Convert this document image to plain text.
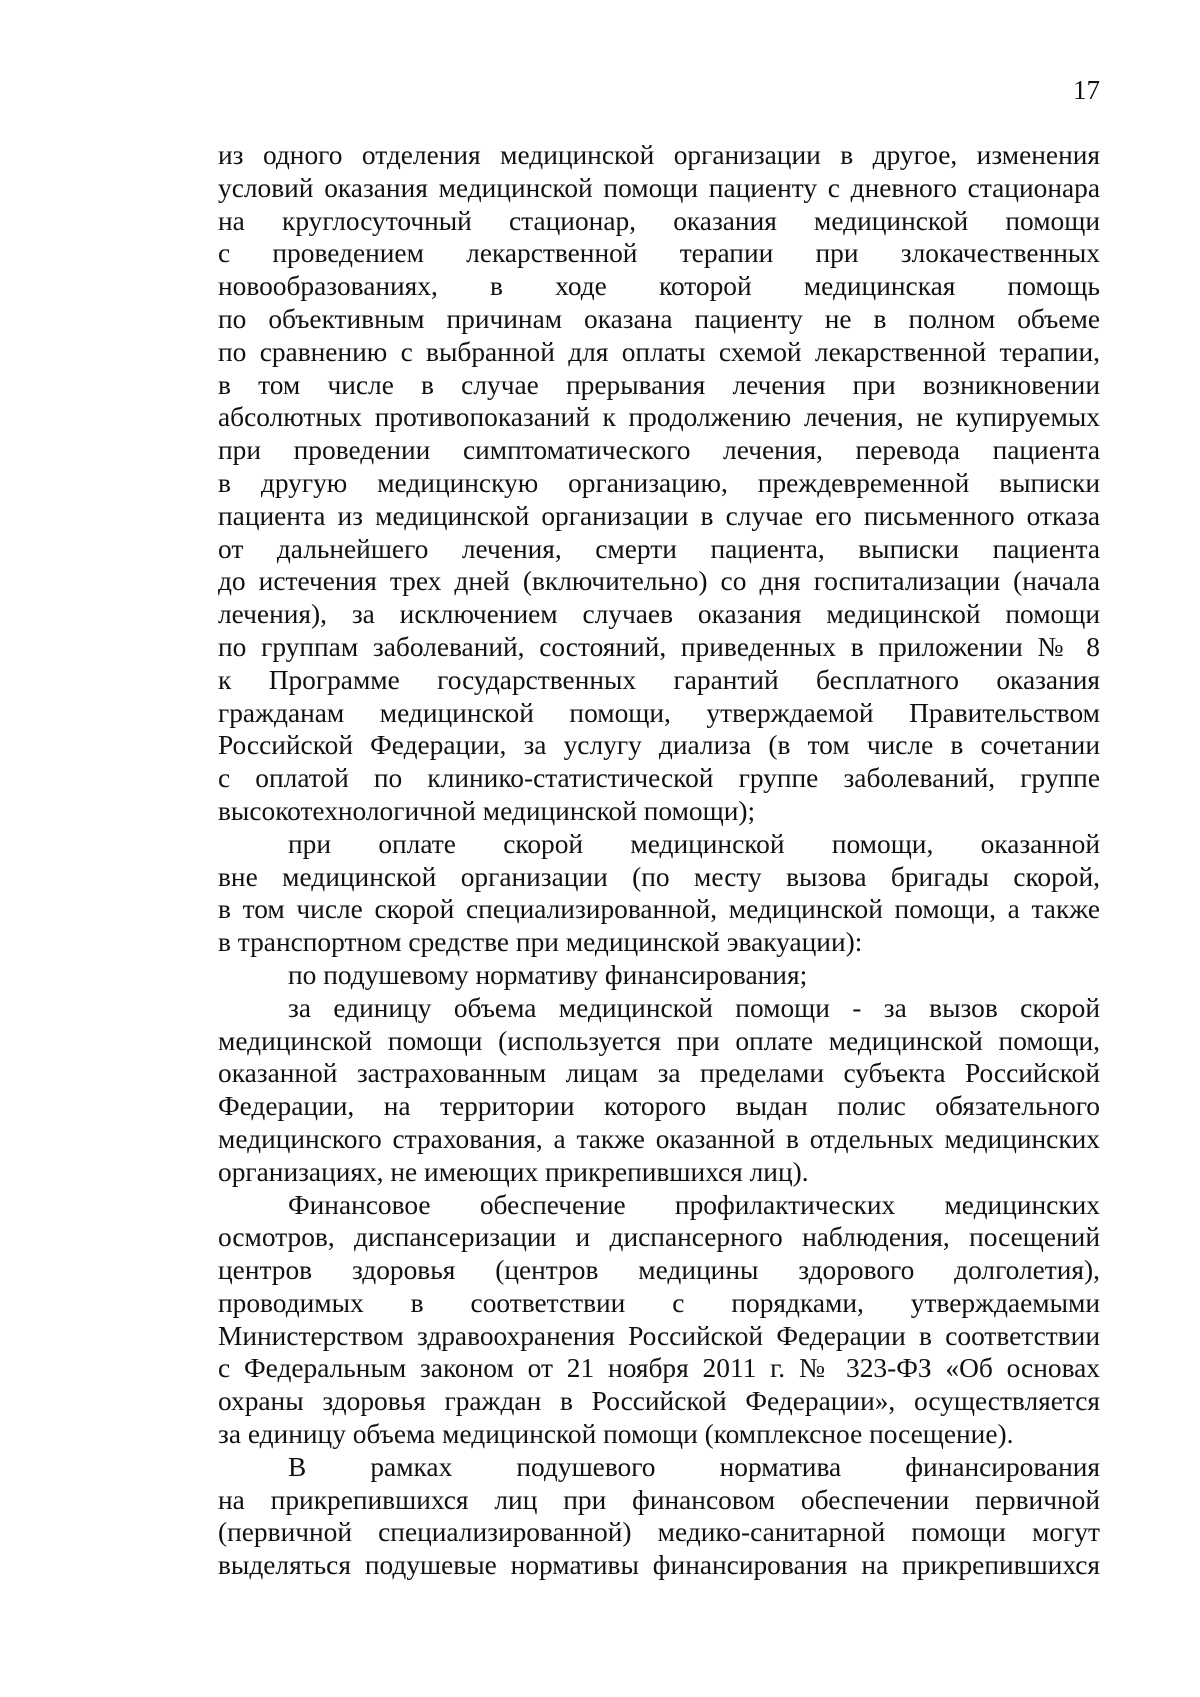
17
из одного отделения медицинской организации в другое, изменения
условий оказания медицинской помощи пациенту с дневного стационара
на круглосуточный стационар, оказания медицинской помощи
с проведением лекарственной терапии при злокачественных
новообразованиях, в ходе которой медицинская помощь
по объективным причинам оказана пациенту не в полном объеме
по сравнению с выбранной для оплаты схемой лекарственной терапии,
в том числе в случае прерывания лечения при возникновении
абсолютных противопоказаний к продолжению лечения, не купируемых
при проведении симптоматического лечения, перевода пациента
в другую медицинскую организацию, преждевременной выписки
пациента из медицинской организации в случае его письменного отказа
от дальнейшего лечения, смерти пациента, выписки пациента
до истечения трех дней (включительно) со дня госпитализации (начала
лечения), за исключением случаев оказания медицинской помощи
по группам заболеваний, состояний, приведенных в приложении № 8
к Программе государственных гарантий бесплатного оказания
гражданам медицинской помощи, утверждаемой Правительством
Российской Федерации, за услугу диализа (в том числе в сочетании
с оплатой по клинико-статистической группе заболеваний, группе
высокотехнологичной медицинской помощи);
при оплате скорой медицинской помощи, оказанной
вне медицинской организации (по месту вызова бригады скорой,
в том числе скорой специализированной, медицинской помощи, а также
в транспортном средстве при медицинской эвакуации):
по подушевому нормативу финансирования;
за единицу объема медицинской помощи - за вызов скорой
медицинской помощи (используется при оплате медицинской помощи,
оказанной застрахованным лицам за пределами субъекта Российской
Федерации, на территории которого выдан полис обязательного
медицинского страхования, а также оказанной в отдельных медицинских
организациях, не имеющих прикрепившихся лиц).
Финансовое обеспечение профилактических медицинских
осмотров, диспансеризации и диспансерного наблюдения, посещений
центров здоровья (центров медицины здорового долголетия),
проводимых в соответствии с порядками, утверждаемыми
Министерством здравоохранения Российской Федерации в соответствии
с Федеральным законом от 21 ноября 2011 г. № 323-ФЗ «Об основах
охраны здоровья граждан в Российской Федерации», осуществляется
за единицу объема медицинской помощи (комплексное посещение).
В рамках подушевого норматива финансирования
на прикрепившихся лиц при финансовом обеспечении первичной
(первичной специализированной) медико-санитарной помощи могут
выделяться подушевые нормативы финансирования на прикрепившихся
